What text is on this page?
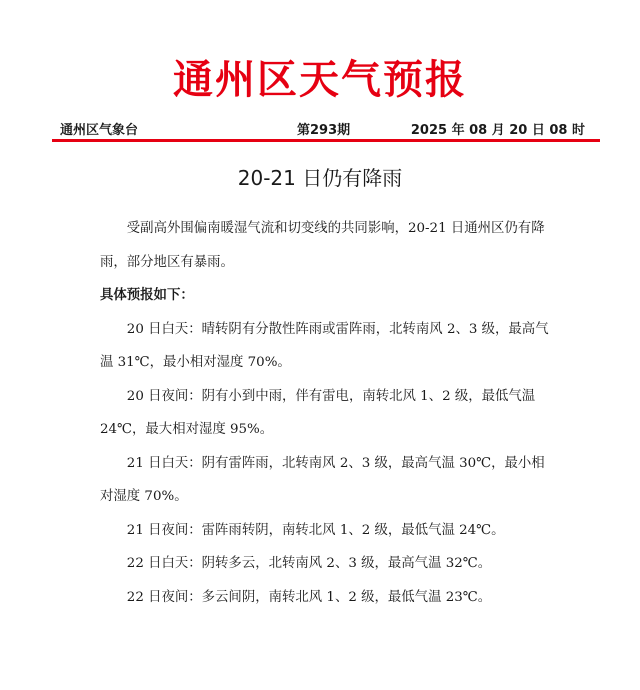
通州区天气预报
通州区气象台	第293期	2025 年 08 月 20 日 08 时
20-21 日仍有降雨

受副高外围偏南暖湿气流和切变线的共同影响，20-21 日通州区仍有降雨，部分地区有暴雨。

具体预报如下：

20 日白天：晴转阴有分散性阵雨或雷阵雨，北转南风 2、3 级，最高气温 31℃，最小相对湿度 70%。

20 日夜间：阴有小到中雨，伴有雷电，南转北风 1、2 级，最低气温 24℃，最大相对湿度 95%。

21 日白天：阴有雷阵雨，北转南风 2、3 级，最高气温 30℃，最小相对湿度 70%。

21 日夜间：雷阵雨转阴，南转北风 1、2 级，最低气温 24℃。

22 日白天：阴转多云，北转南风 2、3 级，最高气温 32℃。

22 日夜间：多云间阴，南转北风 1、2 级，最低气温 23℃。
